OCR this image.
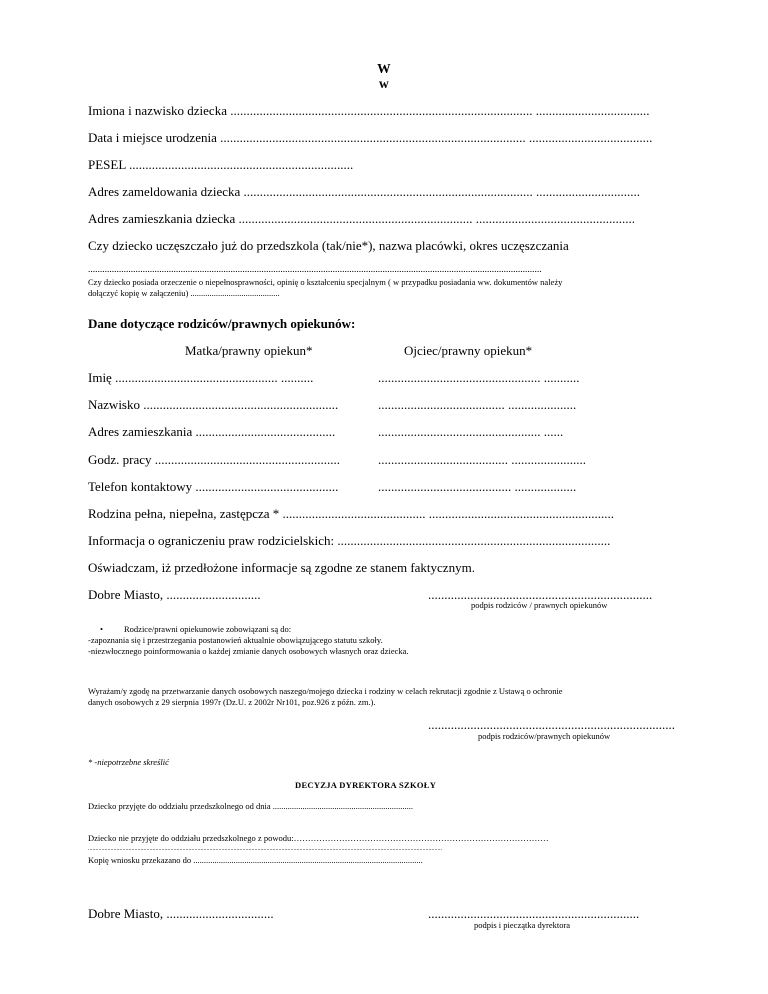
W
w
Imiona i nazwisko dziecka ............................................................................................. ...................................
Data i miejsce urodzenia .............................................................................................. ......................................
PESEL .....................................................................
Adres zameldowania dziecka ......................................................................................... ................................
Adres zamieszkania dziecka ........................................................................ .................................................
Czy dziecko uczęszczało już do przedszkola (tak/nie*), nazwa placówki, okres uczęszczania
...............................................................................................................................................................................................
Czy dziecko posiada orzeczenie o niepełnosprawności, opinię o kształceniu specjalnym ( w przypadku posiadania ww. dokumentów należy
dołączyć kopię w załączeniu) ..........................................
Dane dotyczące rodziców/prawnych opiekunów:
Matka/prawny opiekun*	Ojciec/prawny opiekun*
Imię .................................................. ..........	.................................................. ...........
Nazwisko ............................................................	....................................... .....................
Adres zamieszkania ...........................................	.................................................. ......
Godz. pracy .........................................................	........................................ .......................
Telefon kontaktowy ............................................	......................................... ...................
Rodzina pełna, niepełna, zastępcza * ............................................ .........................................................
Informacja o ograniczeniu praw rodzicielskich: ....................................................................................
Oświadczam, iż przedłożone informacje są zgodne ze stanem faktycznym.
Dobre Miasto, .............................	.....................................................................
podpis rodziców / prawnych opiekunów
• Rodzice/prawni opiekunowie zobowiązani są do:
-zapoznania się i przestrzegania postanowień aktualnie obowiązującego statutu szkoły.
-niezwłocznego poinformowania o każdej zmianie danych osobowych własnych oraz dziecka.
Wyrażam/y zgodę na przetwarzanie danych osobowych naszego/mojego dziecka i rodziny w celach rekrutacji zgodnie z Ustawą o ochronie
danych osobowych z 29 sierpnia 1997r (Dz.U. z 2002r Nr101, poz.926 z późn. zm.).
............................................................................
podpis rodziców/prawnych opiekunów
* -niepotrzebne skreślić
DECYZJA DYREKTORA SZKOŁY
Dziecko przyjęte do oddziału przedszkolnego od dnia ..................................................................
Dziecko nie przyjęte do oddziału przedszkolnego z powodu:………………………………………………………………………………
............................................................................................................................................................................................................................................
Kopię wniosku przekazano do ............................................................................................................
Dobre Miasto, .................................	.................................................................
podpis i pieczątka dyrektora
